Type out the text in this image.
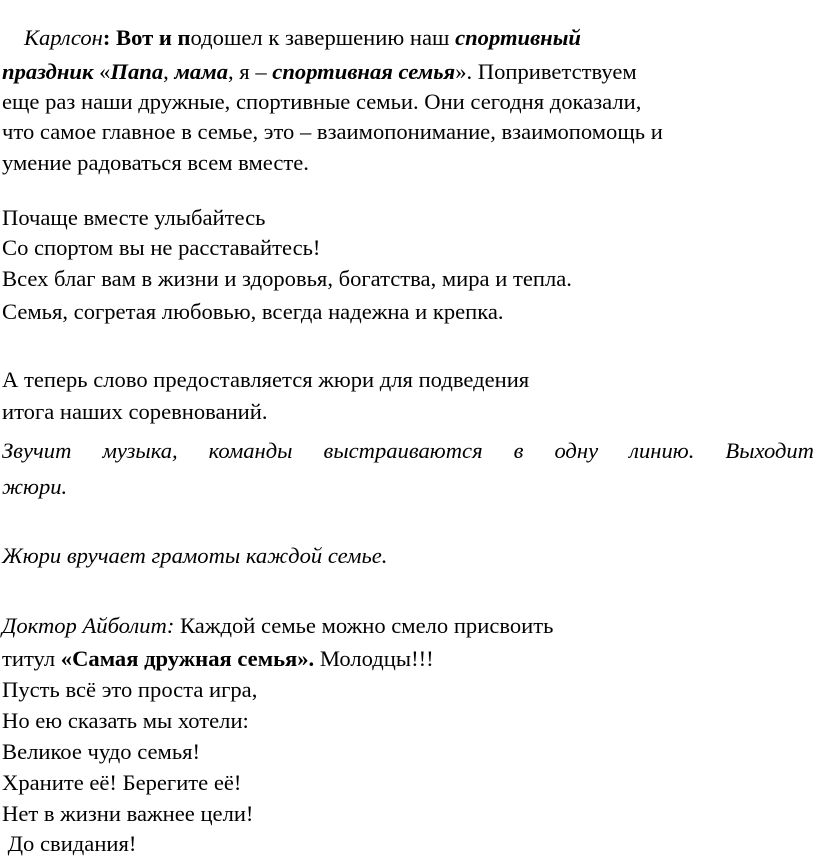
Карлсон: Вот и подошел к завершению наш спортивный
праздник «Папа, мама, я – спортивная семья». Поприветствуем
еще раз наши дружные, спортивные семьи. Они сегодня доказали,
что самое главное в семье, это – взаимопонимание, взаимопомощь и
умение радоваться всем вместе.
Почаще вместе улыбайтесь
Со спортом вы не расставайтесь!
Всех благ вам в жизни и здоровья, богатства, мира и тепла.
Семья, согретая любовью, всегда надежна и крепка.
А теперь слово предоставляется жюри для подведения
итога наших соревнований.
Звучит музыка, команды выстраиваются в одну линию. Выходит
жюри.
Жюри вручает грамоты каждой семье.
Доктор Айболит: Каждой семье можно смело присвоить
титул «Самая дружная семья». Молодцы!!!
Пусть всё это проста игра,
Но ею сказать мы хотели:
Великое чудо семья!
Храните её! Берегите её!
Нет в жизни важнее цели!
До свидания!
